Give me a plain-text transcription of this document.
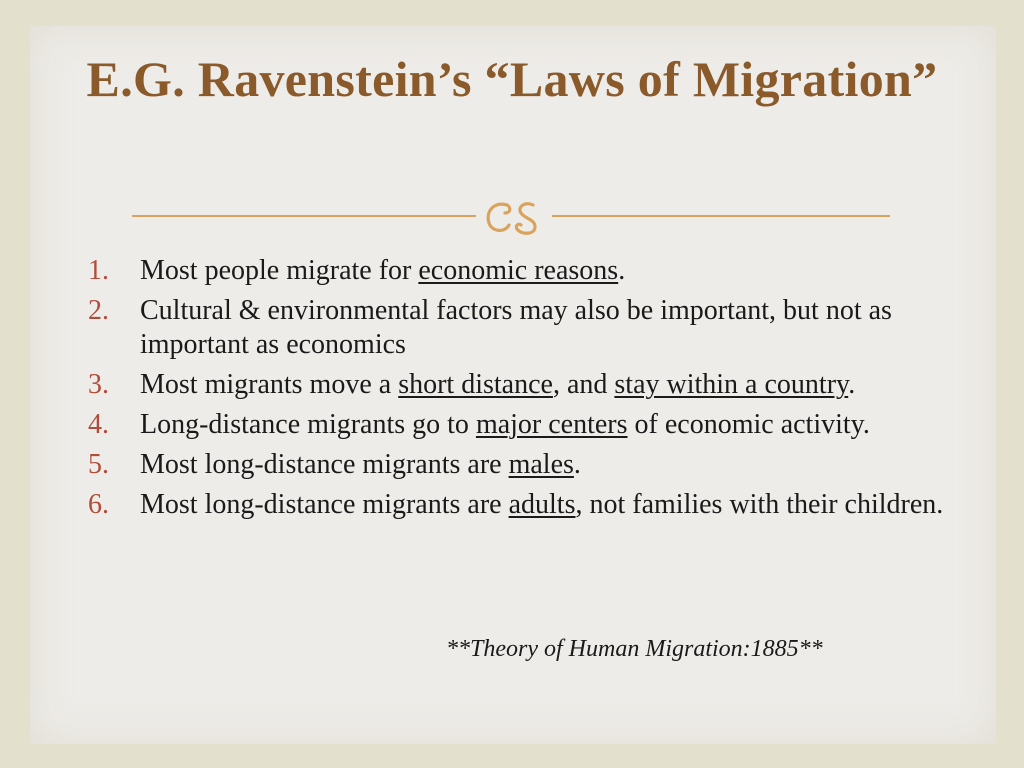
E.G. Ravenstein’s “Laws of Migration”
1. Most people migrate for economic reasons.
2. Cultural & environmental factors may also be important, but not as important as economics
3. Most migrants move a short distance, and stay within a country.
4. Long-distance migrants go to major centers of economic activity.
5. Most long-distance migrants are males.
6. Most long-distance migrants are adults, not families with their children.
**Theory of Human Migration:1885**
